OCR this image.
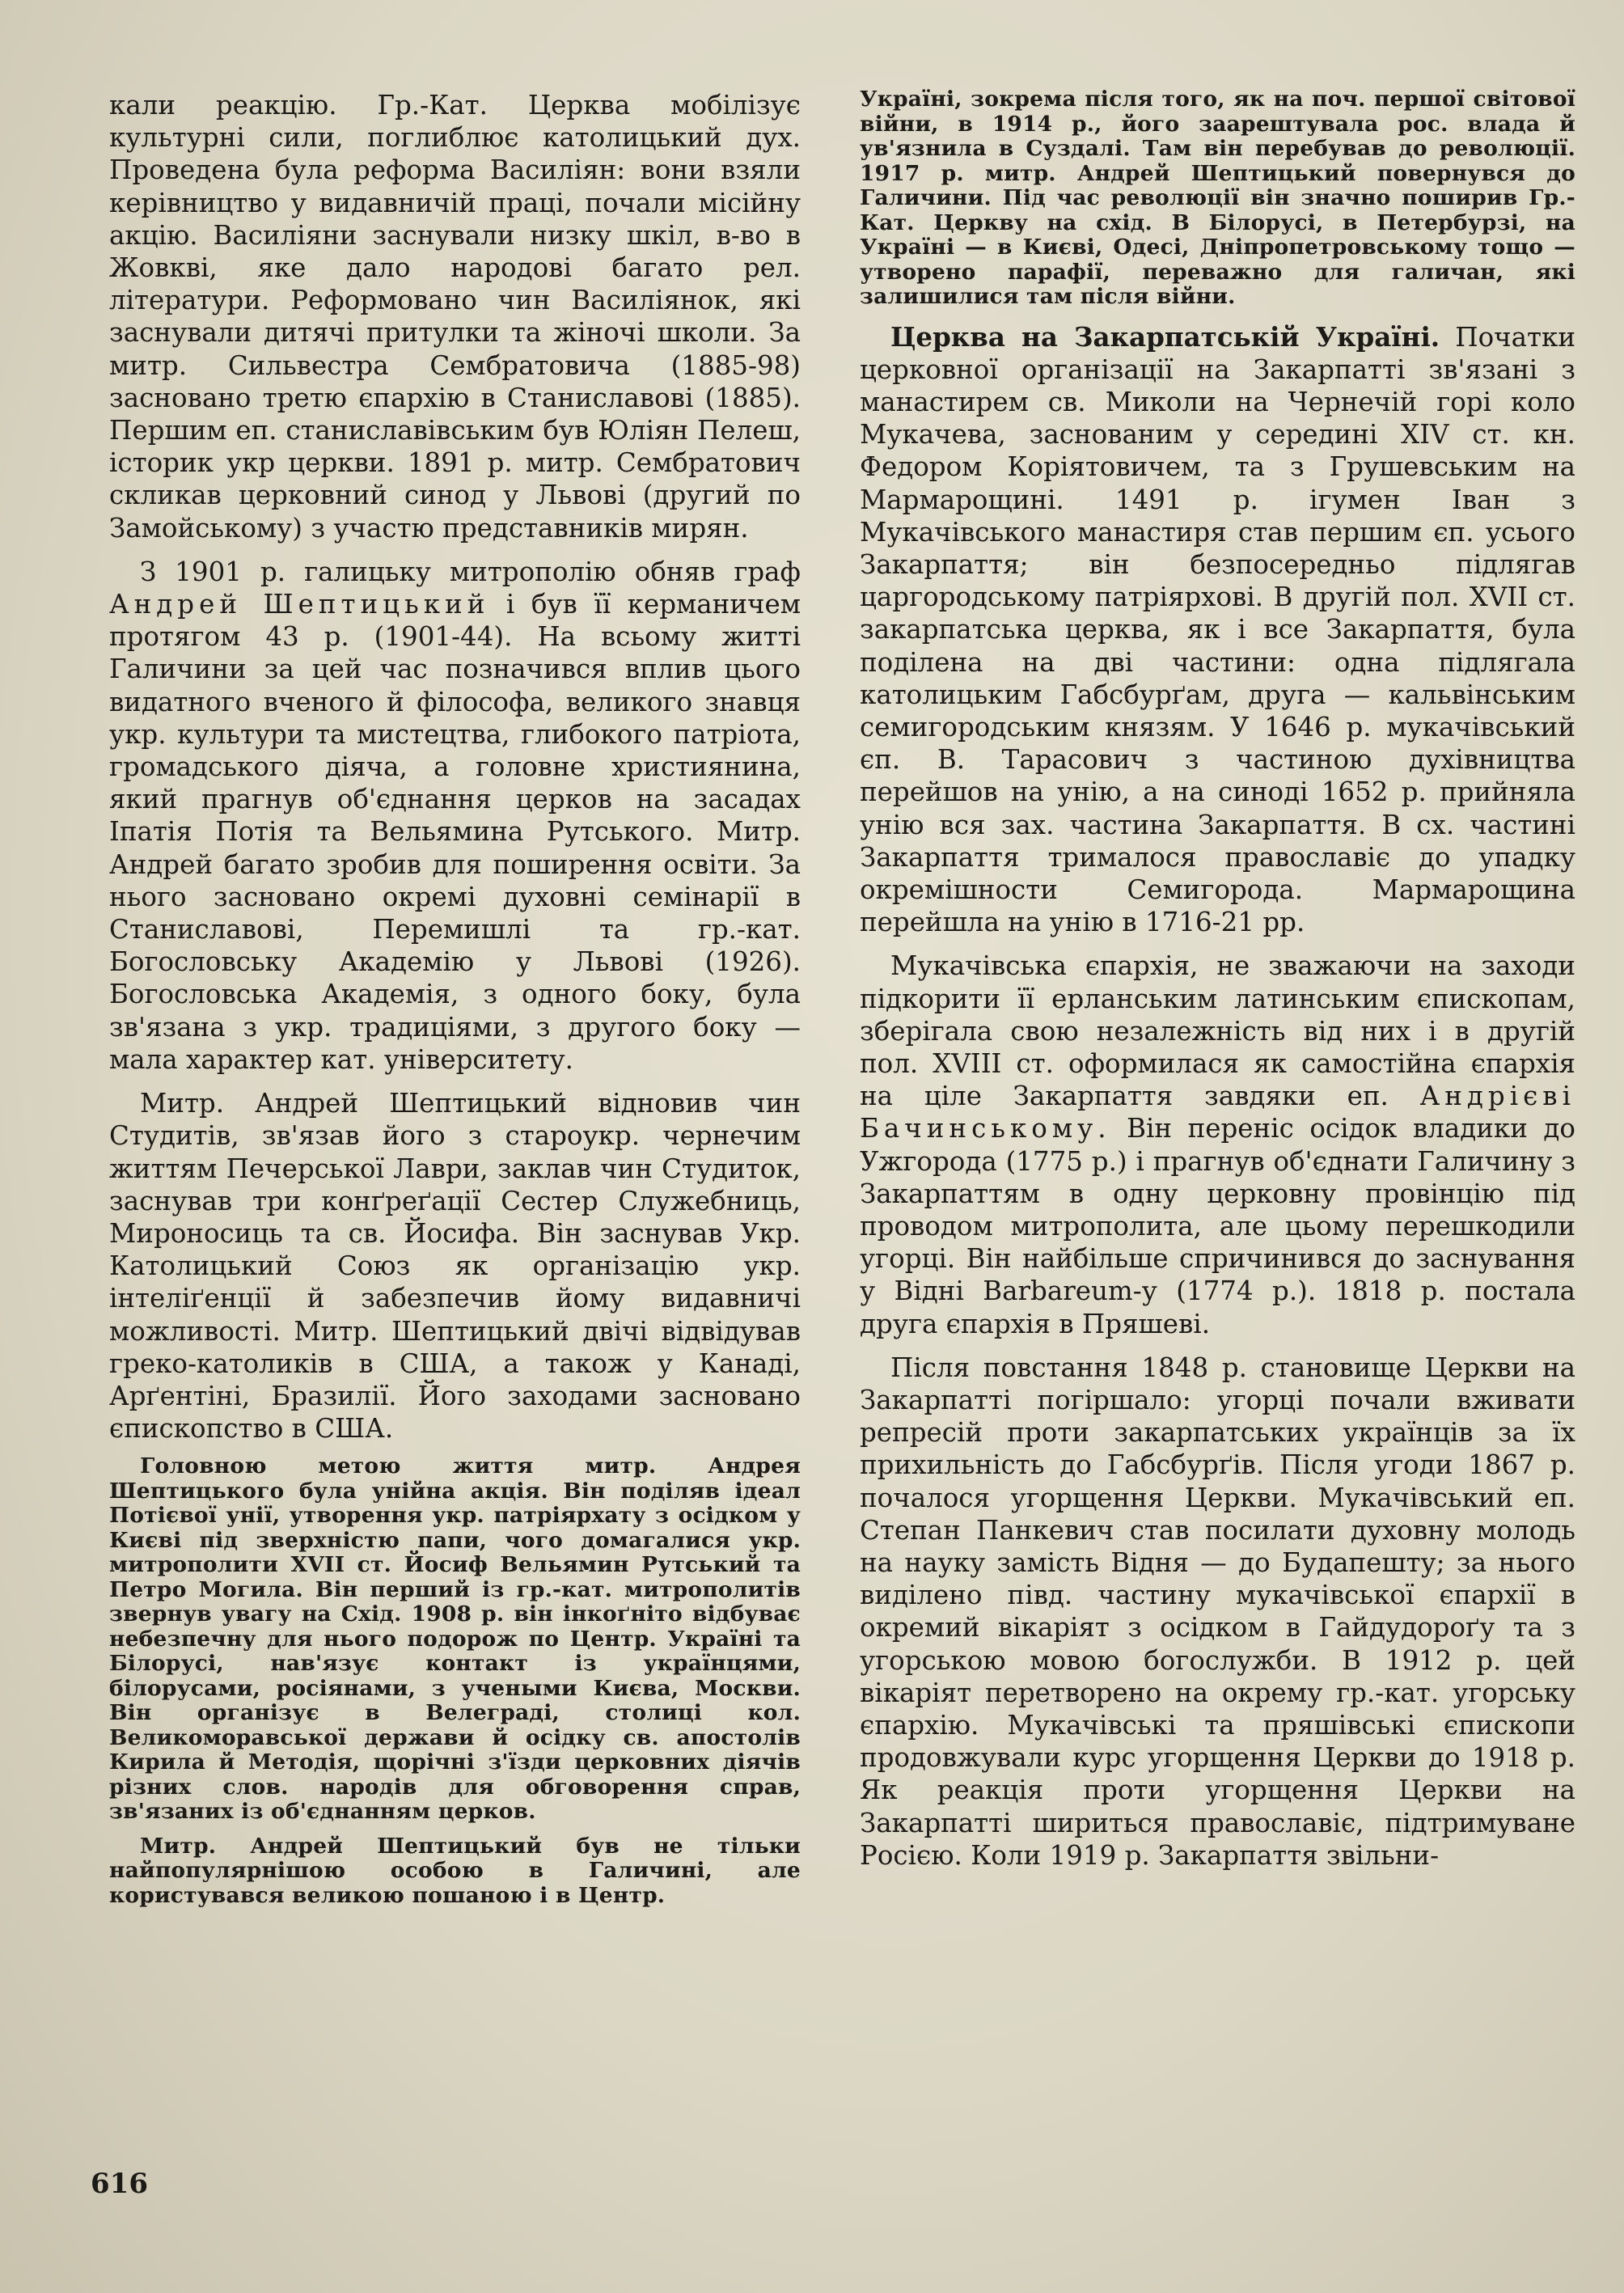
кали реакцію. Гр.-Кат. Церква мобілізує культурні сили, поглиблює католицький дух. Проведена була реформа Василіян: вони взяли керівництво у видавничій праці, почали місійну акцію. Василіяни заснували низку шкіл, в-во в Жовкві, яке дало народові багато рел. літератури. Реформовано чин Василіянок, які заснували дитячі притулки та жіночі школи. За митр. Сильвестра Сембратовича (1885-98) засновано третю єпархію в Станиславові (1885). Першим еп. станиславівським був Юліян Пелеш, історик укр церкви. 1891 р. митр. Сембратович скликав церковний синод у Львові (другий по Замойському) з участю представників мирян.

З 1901 р. галицьку митрополію обняв граф Андрей Шептицький і був її керманичем протягом 43 р. (1901-44). На всьому житті Галичини за цей час позначився вплив цього видатного вченого й філософа, великого знавця укр. культури та мистецтва, глибокого патріота, громадського діяча, а головне християнина, який прагнув об'єднання церков на засадах Іпатія Потія та Вельямина Рутського. Митр. Андрей багато зробив для поширення освіти. За нього засновано окремі духовні семінарії в Станиславові, Перемишлі та гр.-кат. Богословську Академію у Львові (1926). Богословська Академія, з одного боку, була зв'язана з укр. традиціями, з другого боку — мала характер кат. університету.

Митр. Андрей Шептицький відновив чин Студитів, зв'язав його з староукр. чернечим життям Печерської Лаври, заклав чин Студиток, заснував три конґреґації Сестер Служебниць, Мироносиць та св. Йосифа. Він заснував Укр. Католицький Союз як організацію укр. інтеліґенції й забезпечив йому видавничі можливості. Митр. Шептицький двічі відвідував греко-католиків в США, а також у Канаді, Арґентіні, Бразилії. Його заходами засновано єпископство в США.

Головною метою життя митр. Андрея Шептицького була унійна акція. Він поділяв ідеал Потієвої унії, утворення укр. патріярхату з осідком у Києві під зверхністю папи, чого домагалися укр. митрополити XVII ст. Йосиф Вельямин Рутський та Петро Могила. Він перший із гр.-кат. митрополитів звернув увагу на Схід. 1908 р. він інкоґніто відбуває небезпечну для нього подорож по Центр. Україні та Білорусі, нав'язує контакт із українцями, білорусами, росіянами, з учеными Києва, Москви. Він організує в Велеграді, столиці кол. Великоморавської держави й осідку св. апостолів Кирила й Методія, щорічні з'їзди церковних діячів різних слов. народів для обговорення справ, зв'язаних із об'єднанням церков.

Митр. Андрей Шептицький був не тільки найпопулярнішою особою в Галичині, але користувався великою пошаною і в Центр.

Україні, зокрема після того, як на поч. першої світової війни, в 1914 р., його заарештувала рос. влада й ув'язнила в Суздалі. Там він перебував до революції. 1917 р. митр. Андрей Шептицький повернувся до Галичини. Під час революції він значно поширив Гр.-Кат. Церкву на схід. В Білорусі, в Петербурзі, на Україні — в Києві, Одесі, Дніпропетровському тощо — утворено парафії, переважно для галичан, які залишилися там після війни.

Церква на Закарпатській Україні. Початки церковної організації на Закарпатті зв'язані з манастирем св. Миколи на Чернечій горі коло Мукачева, заснованим у середині XIV ст. кн. Федором Коріятовичем, та з Грушевським на Мармарощині. 1491 р. ігумен Іван з Мукачівського манастиря став першим єп. усього Закарпаття; він безпосередньо підлягав царгородському патріярхові. В другій пол. XVII ст. закарпатська церква, як і все Закарпаття, була поділена на дві частини: одна підлягала католицьким Габсбурґам, друга — кальвінським семигородським князям. У 1646 р. мукачівський єп. В. Тарасович з частиною духівництва перейшов на унію, а на синоді 1652 р. прийняла унію вся зах. частина Закарпаття. В сх. частині Закарпаття трималося православіє до упадку окремішности Семигорода. Мармарощина перейшла на унію в 1716-21 рр.

Мукачівська єпархія, не зважаючи на заходи підкорити її ерланським латинським єпископам, зберігала свою незалежність від них і в другій пол. XVIII ст. оформилася як самостійна єпархія на ціле Закарпаття завдяки еп. Андрієві Бачинському. Він переніс осідок владики до Ужгорода (1775 р.) і прагнув об'єднати Галичину з Закарпаттям в одну церковну провінцію під проводом митрополита, але цьому перешкодили угорці. Він найбільше спричинився до заснування у Відні Barbareum-у (1774 р.). 1818 р. постала друга єпархія в Пряшеві.

Після повстання 1848 р. становище Церкви на Закарпатті погіршало: угорці почали вживати репресій проти закарпатських українців за їх прихильність до Габсбурґів. Після угоди 1867 р. почалося угорщення Церкви. Мукачівський еп. Степан Панкевич став посилати духовну молодь на науку замість Відня — до Будапешту; за нього виділено півд. частину мукачівської єпархії в окремий вікаріят з осідком в Гайдудороґу та з угорською мовою богослужби. В 1912 р. цей вікаріят перетворено на окрему гр.-кат. угорську єпархію. Мукачівські та пряшівські єпископи продовжували курс угорщення Церкви до 1918 р. Як реакція проти угорщення Церкви на Закарпатті шириться православіє, підтримуване Росією. Коли 1919 р. Закарпаття звільни-

616
